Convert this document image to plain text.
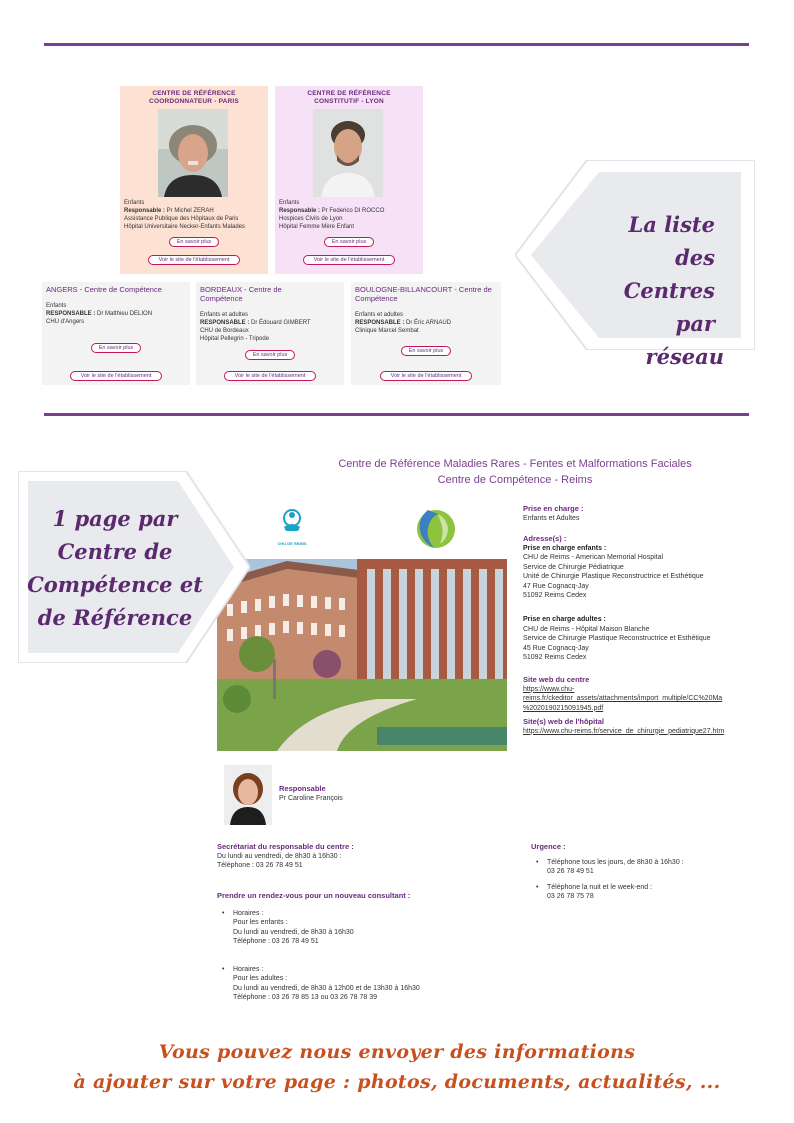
CENTRE DE RÉFÉRENCE
COORDONNATEUR - PARIS
Enfants
Responsable : Pr Michel ZERAH
Assistance Publique des Hôpitaux de Paris
Hôpital Universitaire Necker-Enfants Malades
En savoir plus
Voir le site de l'établissement
CENTRE DE RÉFÉRENCE
CONSTITUTIF - LYON
Enfants
Responsable : Pr Federico DI ROCCO
Hospices Civils de Lyon
Hôpital Femme Mère Enfant
En savoir plus
Voir le site de l'établissement
ANGERS - Centre de Compétence
Enfants
RESPONSABLE : Dr Matthieu DELION
CHU d'Angers
En savoir plus
Voir le site de l'établissement
BORDEAUX - Centre de Compétence
Enfants et adultes
RESPONSABLE : Dr Édouard GIMBERT
CHU de Bordeaux
Hôpital Pellegrin - Tripode
En savoir plus
Voir le site de l'établissement
BOULOGNE-BILLANCOURT - Centre de Compétence
Enfants et adultes
RESPONSABLE : Dr Éric ARNAUD
Clinique Marcel Sembat
En savoir plus
Voir le site de l'établissement
La liste des
Centres par
réseau
Centre de Référence Maladies Rares - Fentes et Malformations Faciales
Centre de Compétence - Reims
CHU DE REIMS
1 page par
Centre de
Compétence et
de Référence
Prise en charge :
Enfants et Adultes
Adresse(s) :
Prise en charge enfants :
CHU de Reims - American Memorial Hospital
Service de Chirurgie Pédiatrique
Unité de Chirurgie Plastique Reconstructrice et Esthétique
47 Rue Cognacq-Jay
51092 Reims Cedex
Prise en charge adultes :
CHU de Reims - Hôpital Maison Blanche
Service de Chirurgie Plastique Reconstructrice et Esthétique
45 Rue Cognacq-Jay
51092 Reims Cedex
Site web du centre
https://www.chu-
reims.fr/ckeditor_assets/attachments/import_multiple/CC%20Ma
%2020190215091945.pdf
Site(s) web de l'hôpital
https://www.chu-reims.fr/service_de_chirurgie_pediatrique27.htm
Responsable
Pr Caroline François
Secrétariat du responsable du centre :
Du lundi au vendredi, de 8h30 à 16h30 :
Téléphone : 03 26 78 49 51
Prendre un rendez-vous pour un nouveau consultant :
• Horaires :
Pour les enfants :
Du lundi au vendredi, de 8h30 à 16h30
Téléphone : 03 26 78 49 51
• Horaires :
Pour les adultes :
Du lundi au vendredi, de 8h30 à 12h00 et de 13h30 à 16h30
Téléphone : 03 26 78 85 13 ou 03 26 78 78 39
Urgence :
• Téléphone tous les jours, de 8h30 à 16h30 :
03 26 78 49 51
• Téléphone la nuit et le week-end :
03 26 78 75 78
Vous pouvez nous envoyer des informations
à ajouter sur votre page : photos, documents, actualités, ...
